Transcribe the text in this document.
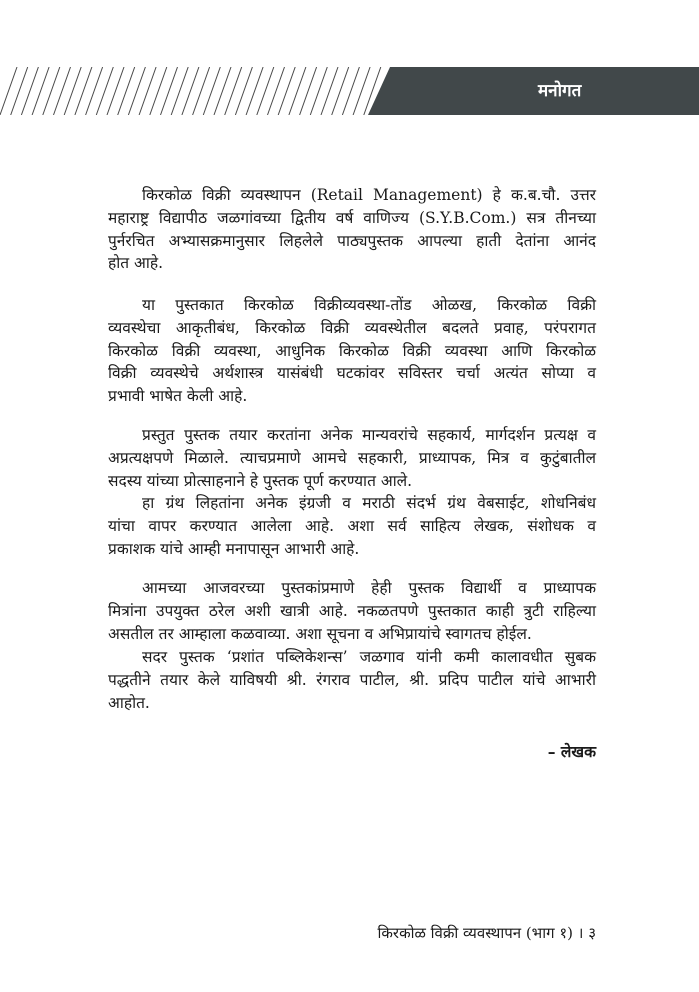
मनोगत
किरकोळ विक्री व्यवस्थापन (Retail Management) हे क.ब.चौ. उत्तर
महाराष्ट्र विद्यापीठ जळगांवच्या द्वितीय वर्ष वाणिज्य (S.Y.B.Com.) सत्र तीनच्या
पुर्नरचित अभ्यासक्रमानुसार लिहलेले पाठ्यपुस्तक आपल्या हाती देतांना आनंद
होत आहे.
या पुस्तकात किरकोळ विक्रीव्यवस्था-तोंड ओळख, किरकोळ विक्री
व्यवस्थेचा आकृतीबंध, किरकोळ विक्री व्यवस्थेतील बदलते प्रवाह, परंपरागत
किरकोळ विक्री व्यवस्था, आधुनिक किरकोळ विक्री व्यवस्था आणि किरकोळ
विक्री व्यवस्थेचे अर्थशास्त्र यासंबंधी घटकांवर सविस्तर चर्चा अत्यंत सोप्या व
प्रभावी भाषेत केली आहे.
प्रस्तुत पुस्तक तयार करतांना अनेक मान्यवरांचे सहकार्य, मार्गदर्शन प्रत्यक्ष व
अप्रत्यक्षपणे मिळाले. त्याचप्रमाणे आमचे सहकारी, प्राध्यापक, मित्र व कुटुंबातील
सदस्य यांच्या प्रोत्साहनाने हे पुस्तक पूर्ण करण्यात आले.
हा ग्रंथ लिहतांना अनेक इंग्रजी व मराठी संदर्भ ग्रंथ वेबसाईट, शोधनिबंध
यांचा वापर करण्यात आलेला आहे. अशा सर्व साहित्य लेखक, संशोधक व
प्रकाशक यांचे आम्ही मनापासून आभारी आहे.
आमच्या आजवरच्या पुस्तकांप्रमाणे हेही पुस्तक विद्यार्थी व प्राध्यापक
मित्रांना उपयुक्त ठरेल अशी खात्री आहे. नकळतपणे पुस्तकात काही त्रुटी राहिल्या
असतील तर आम्हाला कळवाव्या. अशा सूचना व अभिप्रायांचे स्वागतच होईल.
सदर पुस्तक ‘प्रशांत पब्लिकेशन्स’ जळगाव यांनी कमी कालावधीत सुबक
पद्धतीने तयार केले याविषयी श्री. रंगराव पाटील, श्री. प्रदिप पाटील यांचे आभारी
आहोत.
– लेखक
किरकोळ विक्री व्यवस्थापन (भाग १) । ३
